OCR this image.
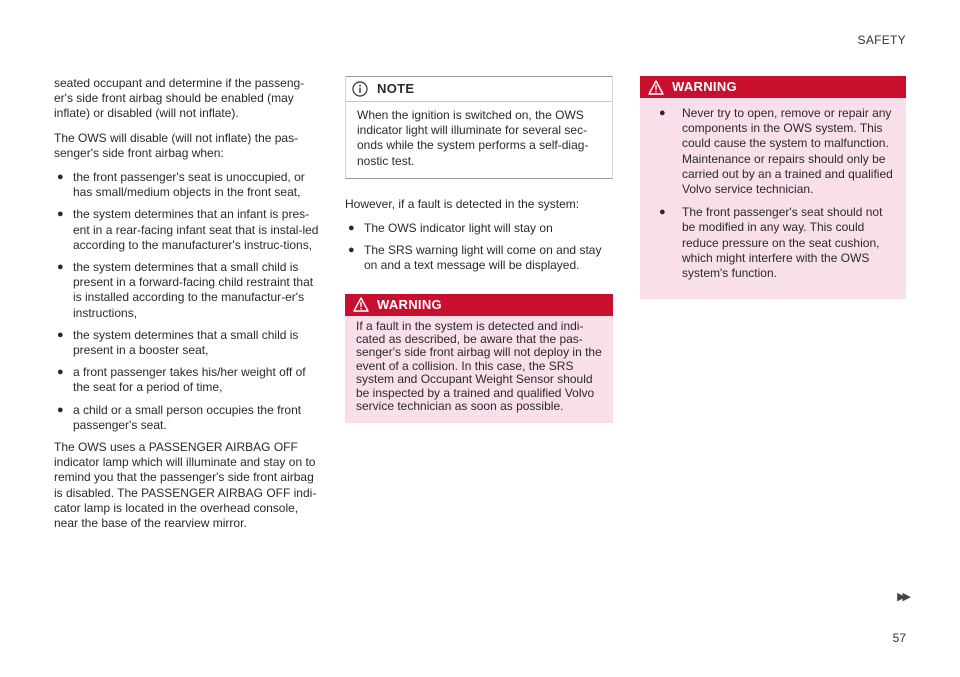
SAFETY

seated occupant and determine if the passeng-er's side front airbag should be enabled (may inflate) or disabled (will not inflate).

The OWS will disable (will not inflate) the pas-senger's side front airbag when:

● the front passenger's seat is unoccupied, or has small/medium objects in the front seat,
● the system determines that an infant is pres-ent in a rear-facing infant seat that is instal-led according to the manufacturer's instruc-tions,
● the system determines that a small child is present in a forward-facing child restraint that is installed according to the manufactur-er's instructions,
● the system determines that a small child is present in a booster seat,
● a front passenger takes his/her weight off of the seat for a period of time,
● a child or a small person occupies the front passenger's seat.

The OWS uses a PASSENGER AIRBAG OFF indicator lamp which will illuminate and stay on to remind you that the passenger's side front airbag is disabled. The PASSENGER AIRBAG OFF indi-cator lamp is located in the overhead console, near the base of the rearview mirror.

NOTE
When the ignition is switched on, the OWS indicator light will illuminate for several sec-onds while the system performs a self-diag-nostic test.

However, if a fault is detected in the system:

● The OWS indicator light will stay on
● The SRS warning light will come on and stay on and a text message will be displayed.
WARNING
If a fault in the system is detected and indi-cated as described, be aware that the pas-senger's side front airbag will not deploy in the event of a collision. In this case, the SRS system and Occupant Weight Sensor should be inspected by a trained and qualified Volvo service technician as soon as possible.
WARNING
● Never try to open, remove or repair any components in the OWS system. This could cause the system to malfunction. Maintenance or repairs should only be carried out by an a trained and qualified Volvo service technician.
● The front passenger's seat should not be modified in any way. This could reduce pressure on the seat cushion, which might interfere with the OWS system's function.
▶▶
57
